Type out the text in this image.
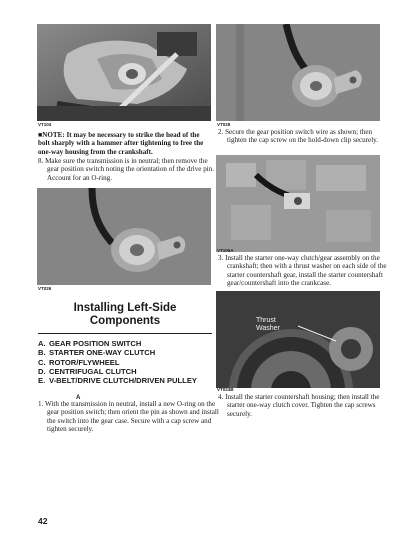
VT104
■NOTE: It may be necessary to strike the head of the bolt sharply with a hammer after tightening to free the one-way housing from the crankshaft.
8. Make sure the transmission is in neutral; then remove the gear position switch noting the orientation of the drive pin. Account for an O-ring.
VT026
Installing Left-Side
Components
A. GEAR POSITION SWITCH
B. STARTER ONE-WAY CLUTCH
C. ROTOR/FLYWHEEL
D. CENTRIFUGAL CLUTCH
E. V-BELT/DRIVE CLUTCH/DRIVEN PULLEY
A
1. With the transmission in neutral, install a new O-ring on the gear position switch; then orient the pin as shown and install the switch into the gear case. Secure with a cap screw and tighten securely.
VT028
2. Secure the gear position switch wire as shown; then tighten the cap screw on the hold-down clip securely.
VT105A
3. Install the starter one-way clutch/gear assembly on the crankshaft; then with a thrust washer on each side of the starter countershaft gear, install the starter countershaft gear/countershaft into the crankcase.
Thrust
Washer
VT024B
4. Install the starter countershaft housing; then install the starter one-way clutch cover. Tighten the cap screws securely.
42
